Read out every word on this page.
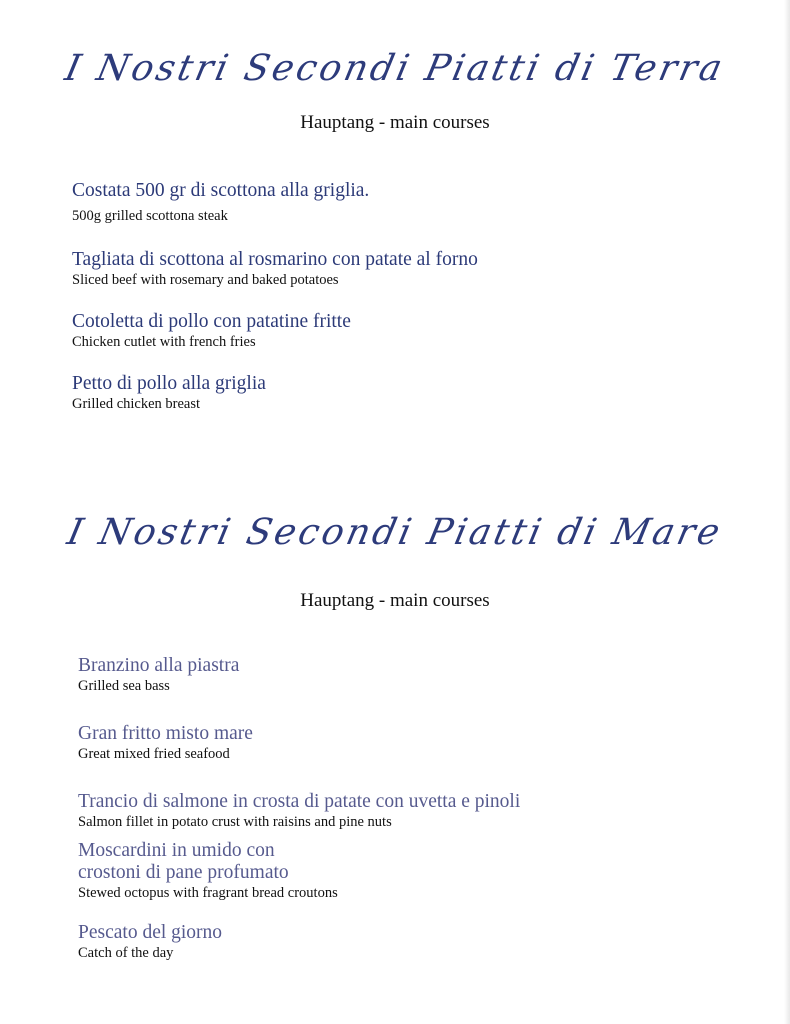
I Nostri Secondi Piatti di Terra
Hauptang - main courses
Costata 500 gr di scottona alla griglia.
500g grilled scottona steak
Tagliata di scottona al rosmarino con patate al forno
Sliced beef with rosemary and baked potatoes
Cotoletta di pollo con patatine fritte
Chicken cutlet with french fries
Petto di pollo alla griglia
Grilled chicken breast
I Nostri Secondi Piatti di Mare
Hauptang - main courses
Branzino alla piastra
Grilled sea bass
Gran fritto misto mare
Great mixed fried seafood
Trancio di salmone in crosta di patate con uvetta e pinoli
Salmon fillet in potato crust with raisins and pine nuts
Moscardini in umido con
crostoni di pane profumato
Stewed octopus with fragrant bread croutons
Pescato del giorno
Catch of the day
